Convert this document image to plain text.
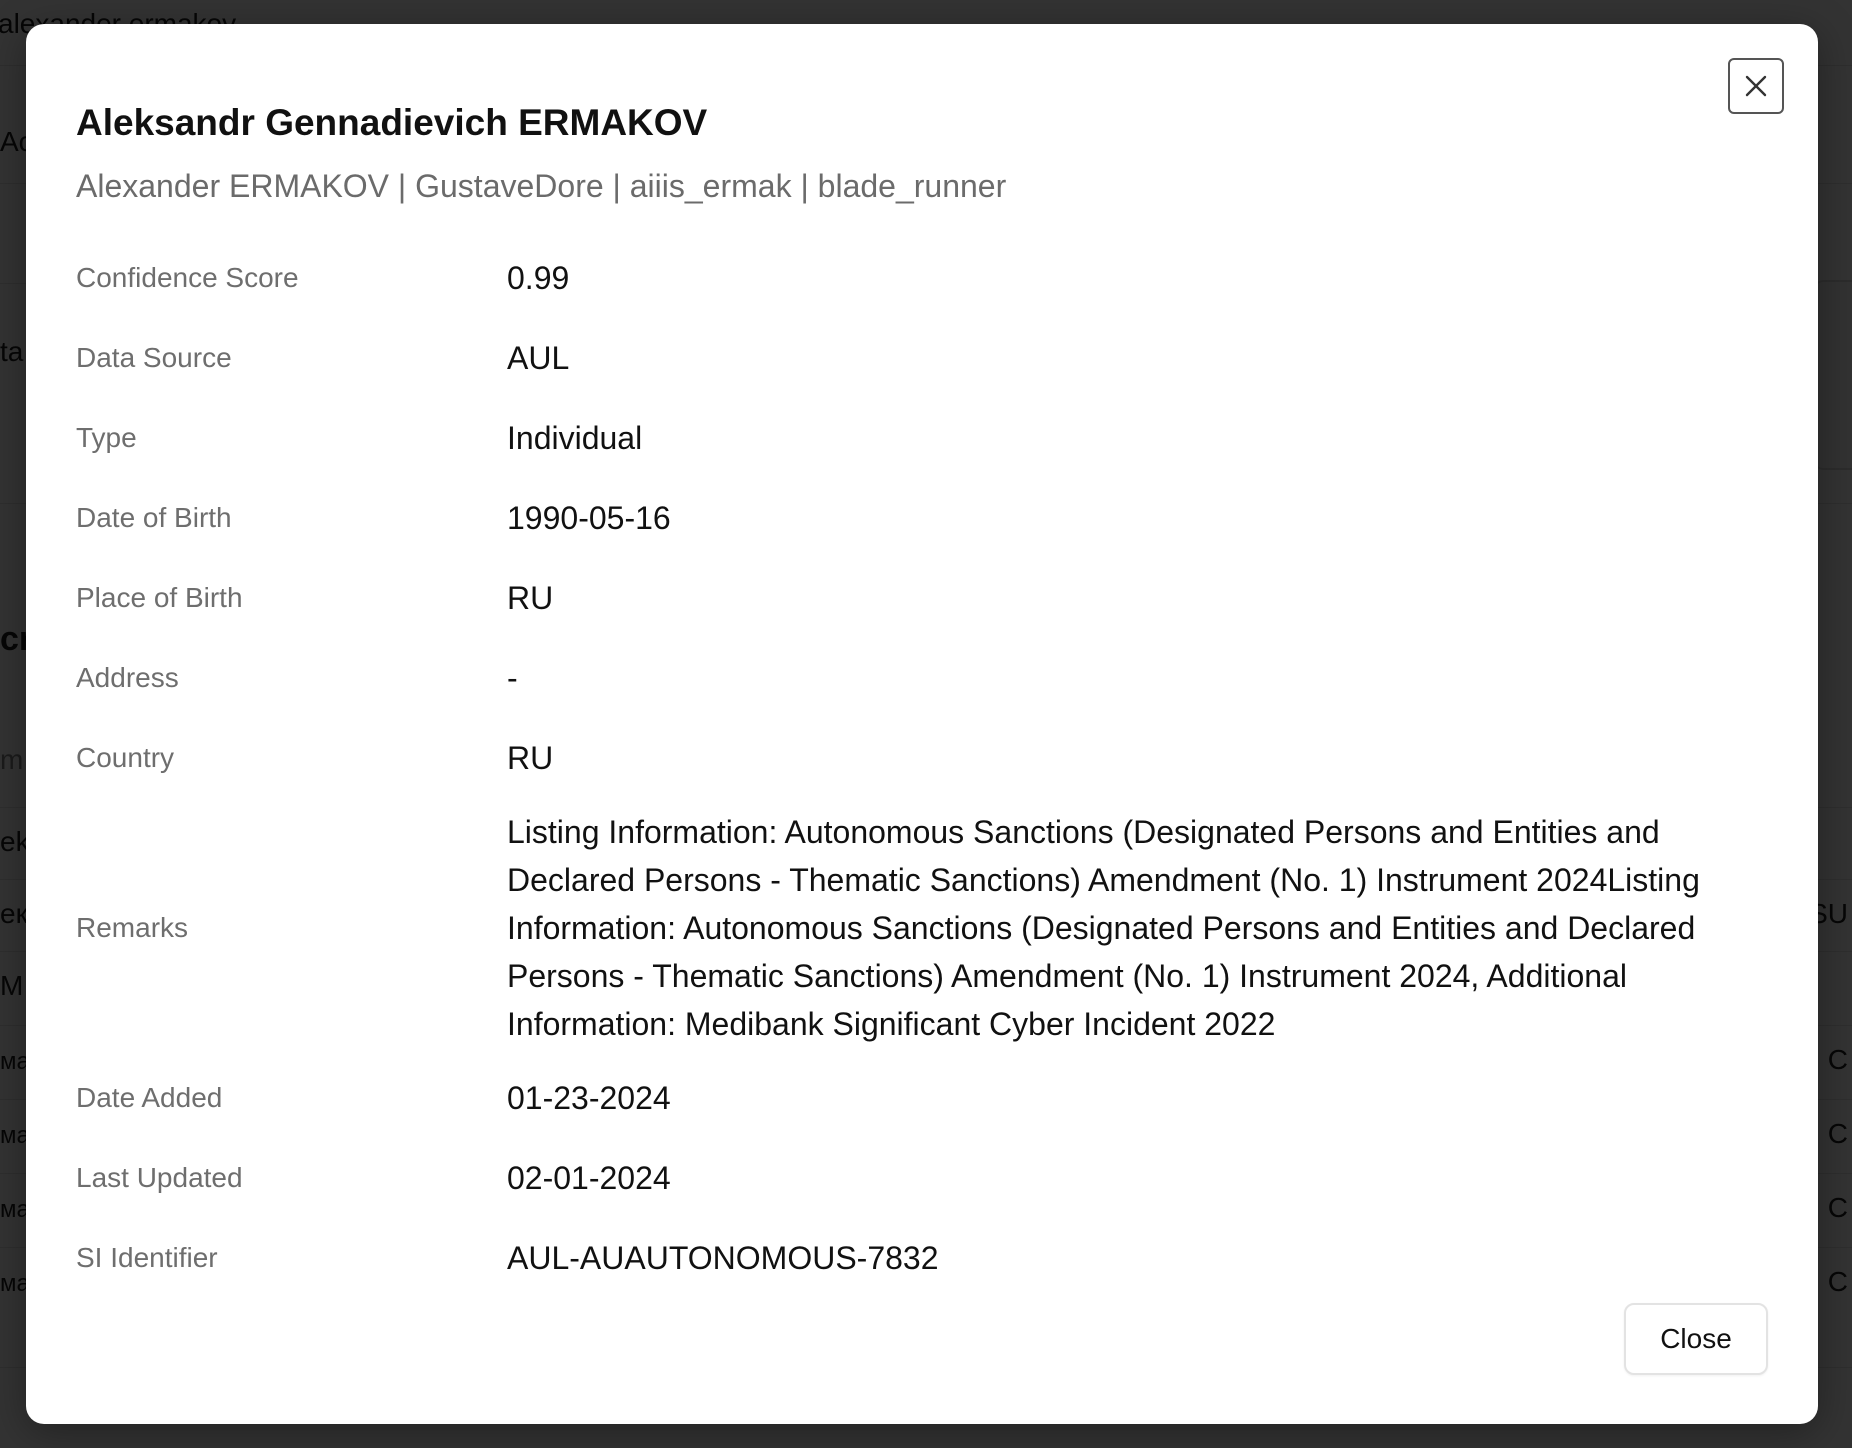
Aleksandr Gennadievich ERMAKOV
Alexander ERMAKOV | GustaveDore | aiiis_ermak | blade_runner
Confidence Score	0.99
Data Source	AUL
Type	Individual
Date of Birth	1990-05-16
Place of Birth	RU
Address	-
Country	RU
Remarks
Listing Information: Autonomous Sanctions (Designated Persons and Entities and Declared Persons - Thematic Sanctions) Amendment (No. 1) Instrument 2024Listing Information: Autonomous Sanctions (Designated Persons and Entities and Declared Persons - Thematic Sanctions) Amendment (No. 1) Instrument 2024, Additional Information: Medibank Significant Cyber Incident 2022
Date Added	01-23-2024
Last Updated	02-01-2024
SI Identifier	AUL-AUAUTONOMOUS-7832
Close
